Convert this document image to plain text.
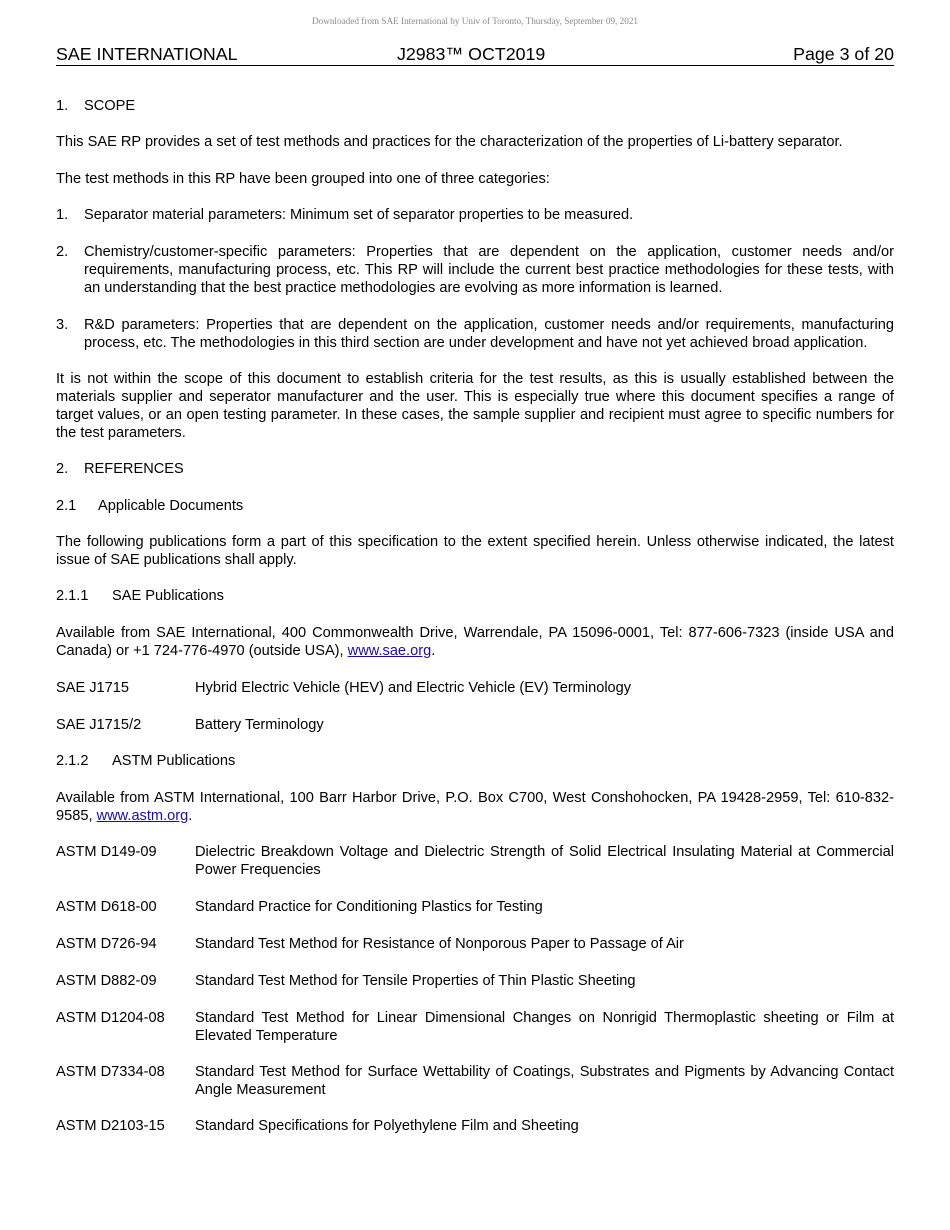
Downloaded from SAE International by Univ of Toronto, Thursday, September 09, 2021
SAE INTERNATIONAL	J2983™ OCT2019	Page 3 of 20
1. SCOPE

This SAE RP provides a set of test methods and practices for the characterization of the properties of Li-battery separator.

The test methods in this RP have been grouped into one of three categories:

1. Separator material parameters: Minimum set of separator properties to be measured.
2. Chemistry/customer-specific parameters: Properties that are dependent on the application, customer needs and/or requirements, manufacturing process, etc. This RP will include the current best practice methodologies for these tests, with an understanding that the best practice methodologies are evolving as more information is learned.
3. R&D parameters: Properties that are dependent on the application, customer needs and/or requirements, manufacturing process, etc. The methodologies in this third section are under development and have not yet achieved broad application.

It is not within the scope of this document to establish criteria for the test results, as this is usually established between the materials supplier and seperator manufacturer and the user. This is especially true where this document specifies a range of target values, or an open testing parameter. In these cases, the sample supplier and recipient must agree to specific numbers for the test parameters.

2. REFERENCES
2.1 Applicable Documents

The following publications form a part of this specification to the extent specified herein. Unless otherwise indicated, the latest issue of SAE publications shall apply.

2.1.1 SAE Publications

Available from SAE International, 400 Commonwealth Drive, Warrendale, PA 15096-0001, Tel: 877-606-7323 (inside USA and Canada) or +1 724-776-4970 (outside USA), www.sae.org.

SAE J1715	Hybrid Electric Vehicle (HEV) and Electric Vehicle (EV) Terminology
SAE J1715/2	Battery Terminology
2.1.2 ASTM Publications

Available from ASTM International, 100 Barr Harbor Drive, P.O. Box C700, West Conshohocken, PA 19428-2959, Tel: 610-832-9585, www.astm.org.

ASTM D149-09	Dielectric Breakdown Voltage and Dielectric Strength of Solid Electrical Insulating Material at Commercial Power Frequencies
ASTM D618-00	Standard Practice for Conditioning Plastics for Testing
ASTM D726-94	Standard Test Method for Resistance of Nonporous Paper to Passage of Air
ASTM D882-09	Standard Test Method for Tensile Properties of Thin Plastic Sheeting
ASTM D1204-08	Standard Test Method for Linear Dimensional Changes on Nonrigid Thermoplastic sheeting or Film at Elevated Temperature
ASTM D7334-08	Standard Test Method for Surface Wettability of Coatings, Substrates and Pigments by Advancing Contact Angle Measurement
ASTM D2103-15	Standard Specifications for Polyethylene Film and Sheeting
